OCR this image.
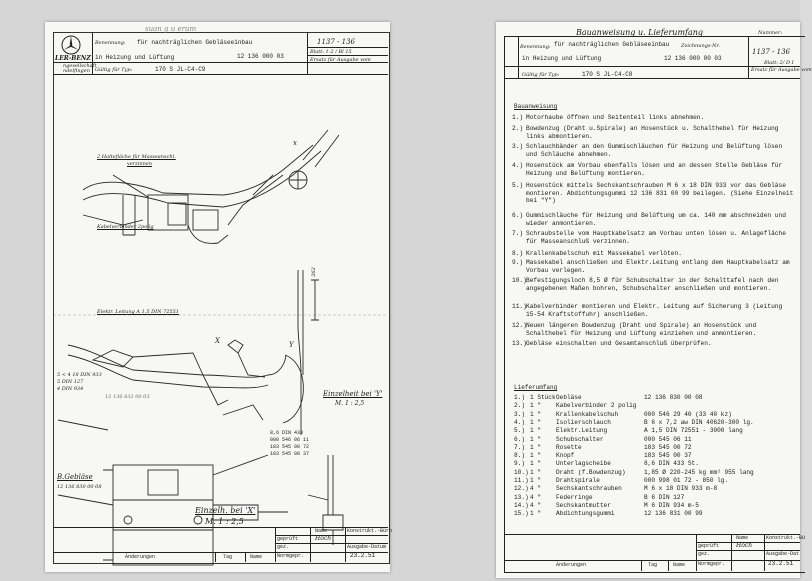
LER-BENZ
ngesellschaft
ndelfingen
suan g u erum
Benennung: für nachträglichen Gebläseeinbau
in Heizung und Lüftung
1137 - 136
12 136 000 03
Blatt: 1-2 / Bl 15
Ersatz für Ausgabe vom
Gültig für Typ:	170 S JL-C4-C9
x
X	Y
2 Haltefläche für Masseanschl.
verzinnen
Kabelverbinder 2polig
Elektr. Leitung A 1,5 DIN 72551
262
5 < 4 18 DIN 933
5 DIN 127
4 DIN 934
12 136 832 00 03
8,6 DIN 433
000 546 06 11
183 545 00 72
183 545 00 37
Einzelheit bei 'Y'
M. 1 : 2,5
B.Gebläse
12 136 830 00 08
Einzelh. bei 'X'
M. 1 : 2,5
Name	Konstrukt.-Büro
geprüft	Hoch
gez.	Ausgabe-Datum
Normgepr.	23.2.51
Änderungen	Tag	Name
Bauanweisung u. Lieferumfang	Nummer:
1137 - 136
Benennung: für nachträglichen Gebläseeinbau
in Heizung und Lüftung
Zeichnungs-Nr.
12 136 000 00 03
Blatt: 2/ D I
Ersatz für Ausgabe vom
Gültig für Typ:	170 S JL-C4-C8
Bauanweisung
1.) Motorhaube öffnen und Seitenteil links abnehmen.
2.) Bowdenzug (Draht u.Spirale) an Hosenstück u. Schalthebel für Heizung links abmontieren.
3.) Schlauchbänder an den Gummischläuchen für Heizung und Belüftung lösen und Schläuche abnehmen.
4.) Hosenstück am Vorbau ebenfalls lösen und an dessen Stelle Gebläse für Heizung und Belüftung montieren.
5.) Hosenstück mittels Sechskantschrauben M 6 x 18 DIN 933 vor das Gebläse montieren. Abdichtungsgummi 12 136 831 00 99 beilegen. (Siehe Einzelheit bei "Y")
6.) Gummischläuche für Heizung und Belüftung um ca. 140 mm abschneiden und wieder anmontieren.
7.) Schraubstelle vom Hauptkabelsatz am Vorbau unten lösen u. Anlagefläche für Masseanschluß verzinnen.
8.) Krallenkabelschuh mit Massekabel verlöten.
9.) Massekabel anschließen und Elektr.Leitung entlang dem Hauptkabelsatz am Vorbau verlegen.
10.) Befestigungsloch 8,5 Ø für Schubschalter in der Schalttafel nach den angegebenen Maßen bohren, Schubschalter anschließen und montieren.
11.) Kabelverbinder montieren und Elektr. Leitung auf Sicherung 3 (Leitung 15-54 Kraftstoffuhr) anschließen.
12.) Neuen längeren Bowdenzug (Draht und Spirale) an Hosenstück und Schalthebel für Heizung und Lüftung einziehen und anmontieren.
13.) Gebläse einschalten und Gesamtanschluß überprüfen.
Lieferumfang
1.) 1 Stück Gebläse	12 136 830 00 08
2.) 1 " Kabelverbinder 2 polig
3.) 1 " Krallenkabelschuh	000 546 29 40 (33 40 kz)
4.) 1 " Isolierschlauch	B 6 x 7,2 aw DIN 40620-300 lg.
5.) 1 " Elektr.Leitung	A 1,5 DIN 72551 - 3000 lang
6.) 1 " Schubschalter	000 545 06 11
7.) 1 " Rosette	183 545 00 72
8.) 1 " Knopf	183 545 00 37
9.) 1 " Unterlagscheibe	8,6 DIN 433 St.
10.) 1 " Draht (f.Bowdenzug)	1,85 Ø 220-245 kg mm² 955 lang
11.) 1 " Drahtspirale	000 998 01 72 - 850 lg.
12.) 4 " Sechskantschrauben	M 6 x 18 DIN 933 m-8
13.) 4 " Federringe	B 6 DIN 127
14.) 4 " Sechskantmutter	M 6 DIN 934 m-5
15.) 1 " Abdichtungsgummi	12 136 831 00 99
Name	Konstrukt.-Bü
geprüft	Hoch
gez.	Ausgabe-Dat
Normgepr.	23.2.51
Änderungen	Tag	Name
